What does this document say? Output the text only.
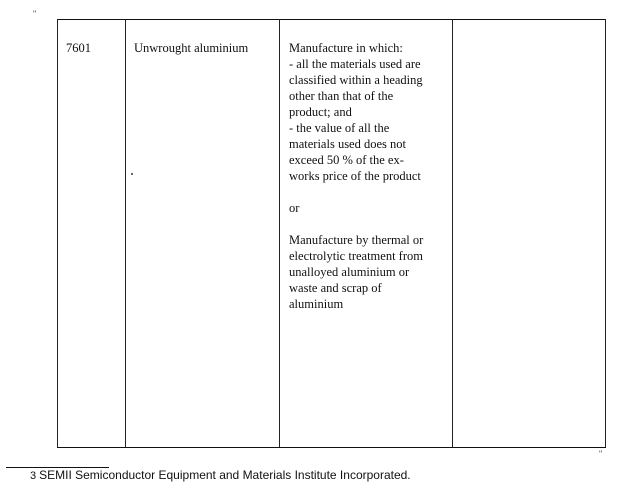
"
7601	Unwrought aluminium	Manufacture in which:
- all the materials used are
classified within a heading
other than that of the
product; and
- the value of all the
materials used does not
exceed 50 % of the ex-
works price of the product
or
Manufacture by thermal or
electrolytic treatment from
unalloyed aluminium or
waste and scrap of
aluminium

"
3 SEMII Semiconductor Equipment and Materials Institute Incorporated.
